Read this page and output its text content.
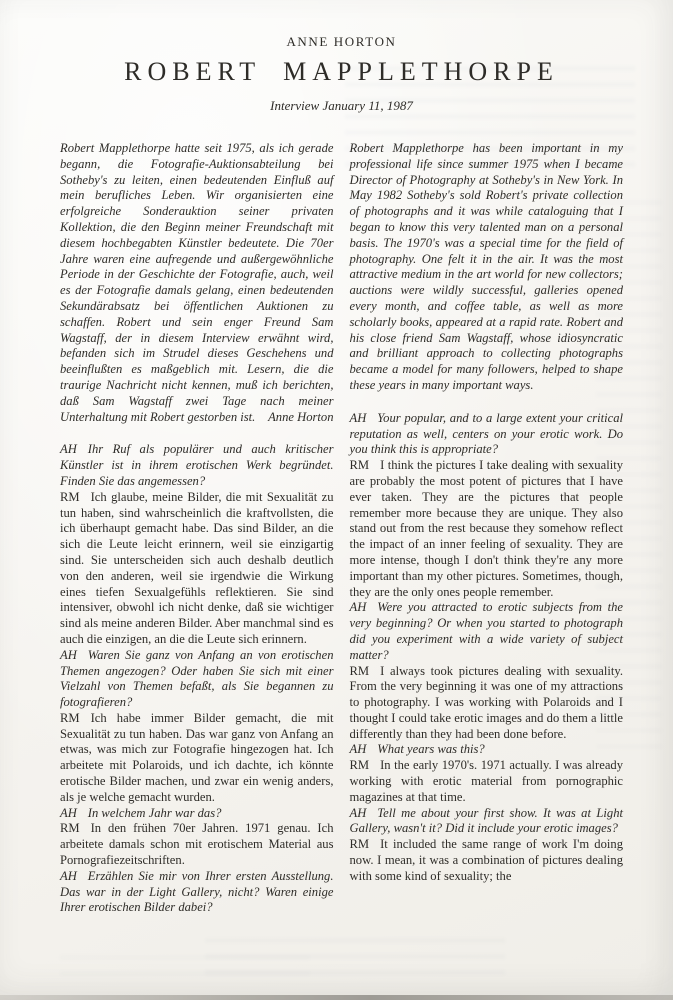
ANNE HORTON
ROBERT MAPPLETHORPE

Interview January 11, 1987

Robert Mapplethorpe hatte seit 1975, als ich gerade begann, die Fotografie-Auktionsabteilung bei Sotheby's zu leiten, einen bedeutenden Einfluß auf mein berufliches Leben. Wir organisierten eine erfolgreiche Sonderauktion seiner privaten Kollektion, die den Beginn meiner Freundschaft mit diesem hochbegabten Künstler bedeutete. Die 70er Jahre waren eine aufregende und außergewöhnliche Periode in der Geschichte der Fotografie, auch, weil es der Fotografie damals gelang, einen bedeutenden Sekundärabsatz bei öffentlichen Auktionen zu schaffen. Robert und sein enger Freund Sam Wagstaff, der in diesem Interview erwähnt wird, befanden sich im Strudel dieses Geschehens und beeinflußten es maßgeblich mit. Lesern, die die traurige Nachricht nicht kennen, muß ich berichten, daß Sam Wagstaff zwei Tage nach meiner Unterhaltung mit Robert gestorben ist.	Anne Horton

AH Ihr Ruf als populärer und auch kritischer Künstler ist in ihrem erotischen Werk begründet. Finden Sie das angemessen?

RM Ich glaube, meine Bilder, die mit Sexualität zu tun haben, sind wahrscheinlich die kraftvollsten, die ich überhaupt gemacht habe. Das sind Bilder, an die sich die Leute leicht erinnern, weil sie einzigartig sind. Sie unterscheiden sich auch deshalb deutlich von den anderen, weil sie irgendwie die Wirkung eines tiefen Sexualgefühls reflektieren. Sie sind intensiver, obwohl ich nicht denke, daß sie wichtiger sind als meine anderen Bilder. Aber manchmal sind es auch die einzigen, an die die Leute sich erinnern.

AH Waren Sie ganz von Anfang an von erotischen Themen angezogen? Oder haben Sie sich mit einer Vielzahl von Themen befaßt, als Sie begannen zu fotografieren?

RM Ich habe immer Bilder gemacht, die mit Sexualität zu tun haben. Das war ganz von Anfang an etwas, was mich zur Fotografie hingezogen hat. Ich arbeitete mit Polaroids, und ich dachte, ich könnte erotische Bilder machen, und zwar ein wenig anders, als je welche gemacht wurden.

AH In welchem Jahr war das?

RM In den frühen 70er Jahren. 1971 genau. Ich arbeitete damals schon mit erotischem Material aus Pornografiezeitschriften.

AH Erzählen Sie mir von Ihrer ersten Ausstellung. Das war in der Light Gallery, nicht? Waren einige Ihrer erotischen Bilder dabei?

Robert Mapplethorpe has been important in my professional life since summer 1975 when I became Director of Photography at Sotheby's in New York. In May 1982 Sotheby's sold Robert's private collection of photographs and it was while cataloguing that I began to know this very talented man on a personal basis. The 1970's was a special time for the field of photography. One felt it in the air. It was the most attractive medium in the art world for new collectors; auctions were wildly successful, galleries opened every month, and coffee table, as well as more scholarly books, appeared at a rapid rate. Robert and his close friend Sam Wagstaff, whose idiosyncratic and brilliant approach to collecting photographs became a model for many followers, helped to shape these years in many important ways.

AH Your popular, and to a large extent your critical reputation as well, centers on your erotic work. Do you think this is appropriate?

RM I think the pictures I take dealing with sexuality are probably the most potent of pictures that I have ever taken. They are the pictures that people remember more because they are unique. They also stand out from the rest because they somehow reflect the impact of an inner feeling of sexuality. They are more intense, though I don't think they're any more important than my other pictures. Sometimes, though, they are the only ones people remember.

AH Were you attracted to erotic subjects from the very beginning? Or when you started to photograph did you experiment with a wide variety of subject matter?

RM I always took pictures dealing with sexuality. From the very beginning it was one of my attractions to photography. I was working with Polaroids and I thought I could take erotic images and do them a little differently than they had been done before.

AH What years was this?

RM In the early 1970's. 1971 actually. I was already working with erotic material from pornographic magazines at that time.

AH Tell me about your first show. It was at Light Gallery, wasn't it? Did it include your erotic images?

RM It included the same range of work I'm doing now. I mean, it was a combination of pictures dealing with some kind of sexuality; the
